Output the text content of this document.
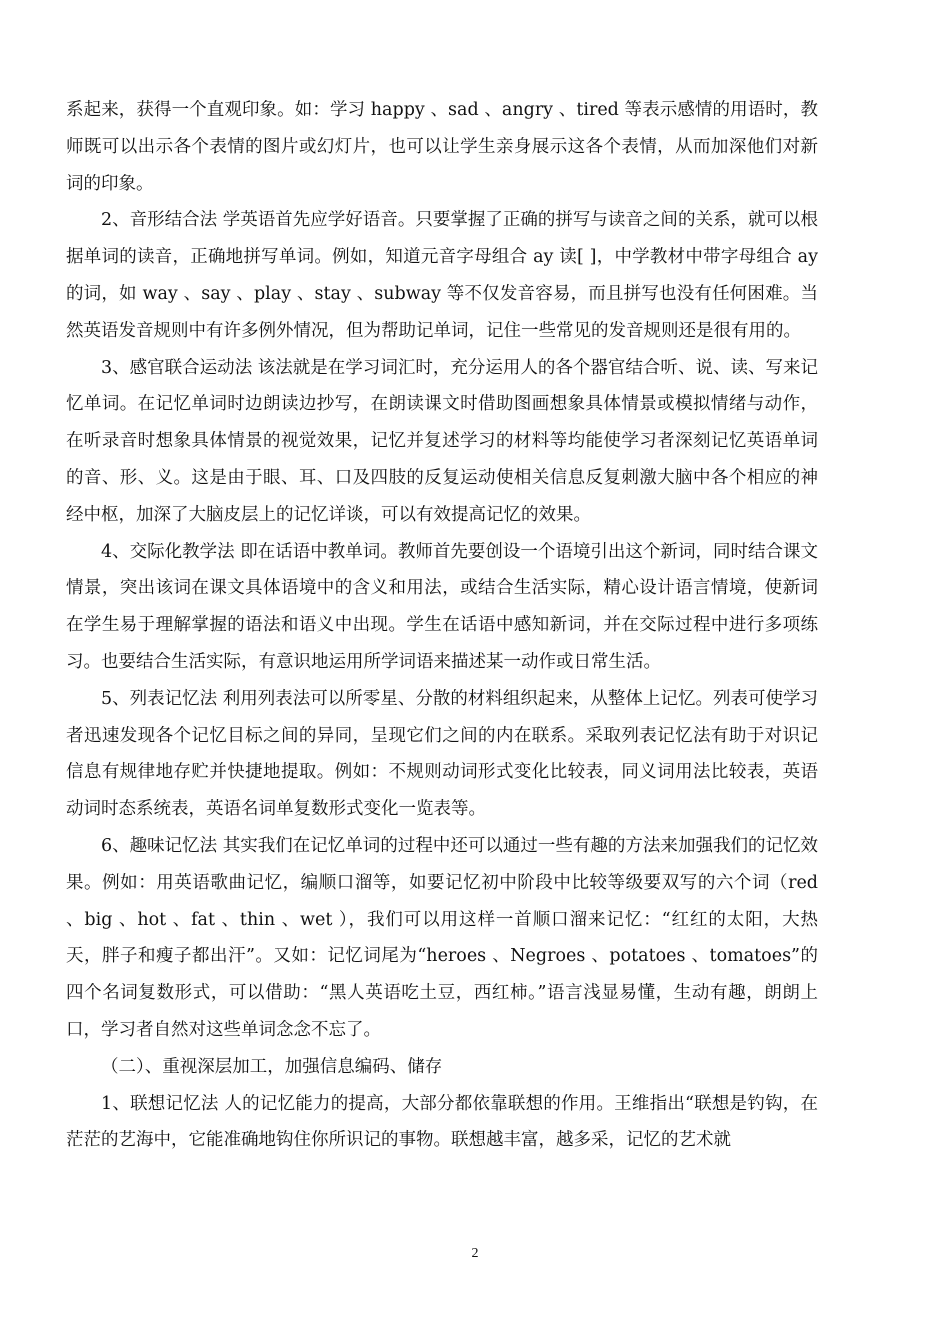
系起来，获得一个直观印象。如：学习 happy 、sad 、angry 、tired 等表示感情的用语时，教师既可以出示各个表情的图片或幻灯片，也可以让学生亲身展示这各个表情，从而加深他们对新词的印象。

2、音形结合法 学英语首先应学好语音。只要掌握了正确的拼写与读音之间的关系，就可以根据单词的读音，正确地拼写单词。例如，知道元音字母组合 ay 读[ ]，中学教材中带字母组合 ay 的词，如 way 、say 、play 、stay 、subway 等不仅发音容易，而且拼写也没有任何困难。当然英语发音规则中有许多例外情况，但为帮助记单词，记住一些常见的发音规则还是很有用的。

3、感官联合运动法 该法就是在学习词汇时，充分运用人的各个器官结合听、说、读、写来记忆单词。在记忆单词时边朗读边抄写，在朗读课文时借助图画想象具体情景或模拟情绪与动作，在听录音时想象具体情景的视觉效果，记忆并复述学习的材料等均能使学习者深刻记忆英语单词的音、形、义。这是由于眼、耳、口及四肢的反复运动使相关信息反复刺激大脑中各个相应的神经中枢，加深了大脑皮层上的记忆详谈，可以有效提高记忆的效果。

4、交际化教学法 即在话语中教单词。教师首先要创设一个语境引出这个新词，同时结合课文情景，突出该词在课文具体语境中的含义和用法，或结合生活实际，精心设计语言情境，使新词在学生易于理解掌握的语法和语义中出现。学生在话语中感知新词，并在交际过程中进行多项练习。也要结合生活实际，有意识地运用所学词语来描述某一动作或日常生活。

5、列表记忆法 利用列表法可以所零星、分散的材料组织起来，从整体上记忆。列表可使学习者迅速发现各个记忆目标之间的异同，呈现它们之间的内在联系。采取列表记忆法有助于对识记信息有规律地存贮并快捷地提取。例如：不规则动词形式变化比较表，同义词用法比较表，英语动词时态系统表，英语名词单复数形式变化一览表等。

6、趣味记忆法 其实我们在记忆单词的过程中还可以通过一些有趣的方法来加强我们的记忆效果。例如：用英语歌曲记忆，编顺口溜等，如要记忆初中阶段中比较等级要双写的六个词（red 、big 、hot 、fat 、thin 、wet ），我们可以用这样一首顺口溜来记忆：“红红的太阳，大热天，胖子和瘦子都出汗”。又如：记忆词尾为“heroes 、Negroes 、potatoes 、tomatoes”的四个名词复数形式，可以借助：“黑人英语吃土豆，西红柿。”语言浅显易懂，生动有趣，朗朗上口，学习者自然对这些单词念念不忘了。

（二）、重视深层加工，加强信息编码、储存

1、联想记忆法 人的记忆能力的提高，大部分都依靠联想的作用。王维指出“联想是钓钩，在茫茫的艺海中，它能准确地钩住你所识记的事物。联想越丰富，越多采，记忆的艺术就

2
